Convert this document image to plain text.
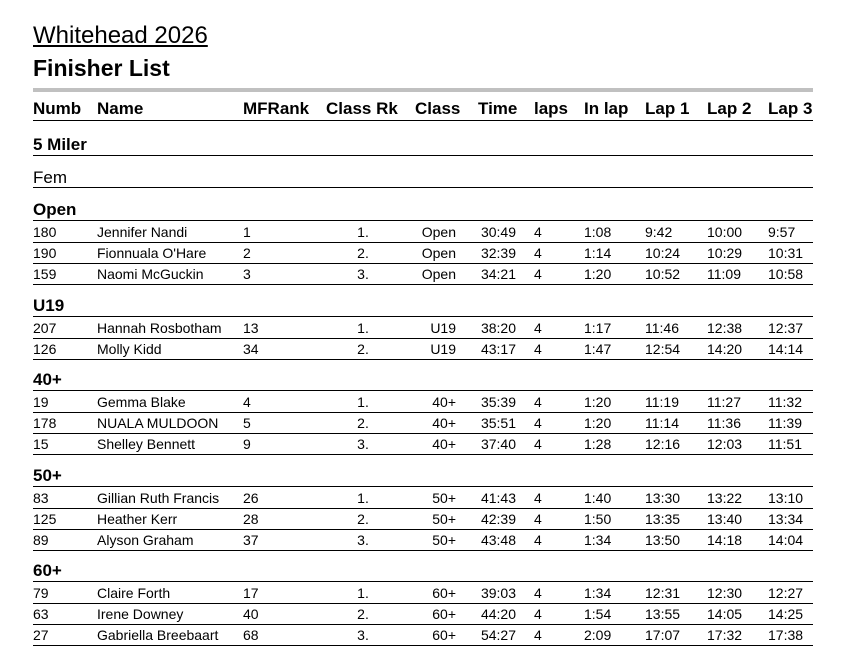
Whitehead 2026
Finisher List
Numb Name	MFRank Class Rk Class Time laps In lap Lap 1 Lap 2 Lap 3
5 Miler
Fem
Open
180	Jennifer Nandi	1	1.	Open 30:49 4	1:08 9:42 10:00 9:57
190	Fionnuala O'Hare	2	2.	Open 32:39 4	1:14 10:24 10:29 10:31
159	Naomi McGuckin	3	3.	Open 34:21 4	1:20 10:52 11:09 10:58
U19
207	Hannah Rosbotham 13	1.	U19 38:20 4	1:17 11:46 12:38 12:37
126	Molly Kidd	34	2.	U19 43:17 4	1:47 12:54 14:20 14:14
40+
19	Gemma Blake	4	1.	40+ 35:39 4	1:20 11:19 11:27 11:32
178	NUALA MULDOON 5	2.	40+ 35:51 4	1:20 11:14 11:36 11:39
15	Shelley Bennett	9	3.	40+ 37:40 4	1:28 12:16 12:03 11:51
50+
83	Gillian Ruth Francis 26	1.	50+ 41:43 4	1:40 13:30 13:22 13:10
125	Heather Kerr	28	2.	50+ 42:39 4	1:50 13:35 13:40 13:34
89	Alyson Graham	37	3.	50+ 43:48 4	1:34 13:50 14:18 14:04
60+
79	Claire Forth	17	1.	60+ 39:03 4	1:34 12:31 12:30 12:27
63	Irene Downey	40	2.	60+ 44:20 4	1:54 13:55 14:05 14:25
27	Gabriella Breebaart 68	3.	60+ 54:27 4	2:09 17:07 17:32 17:38
